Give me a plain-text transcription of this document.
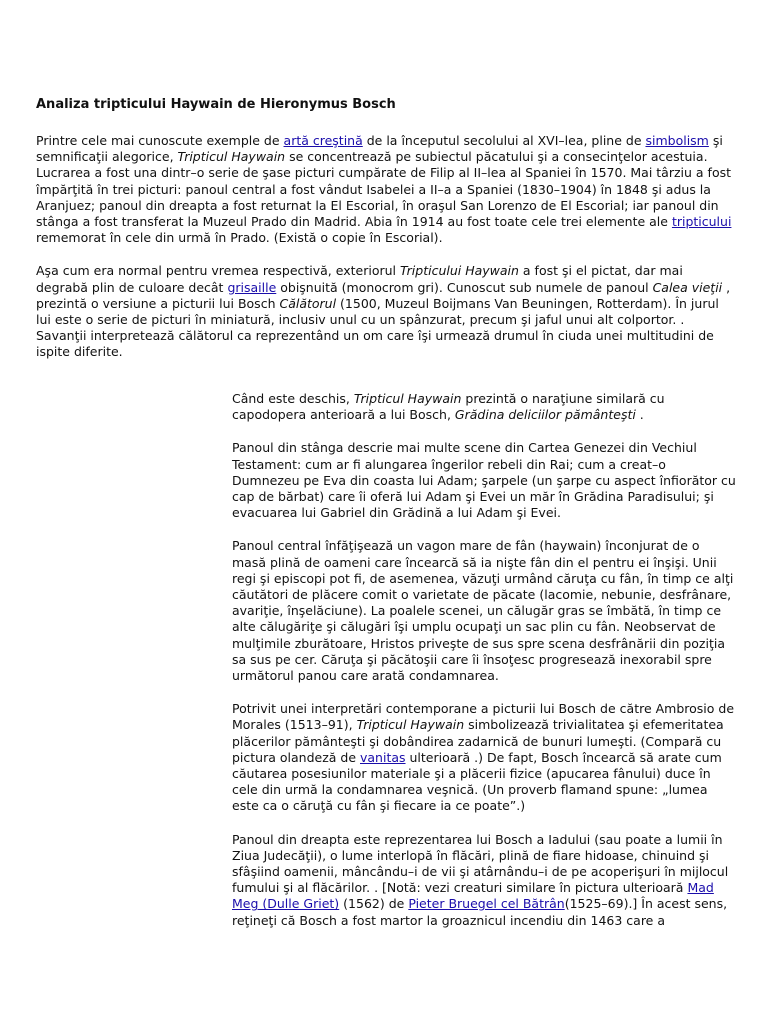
Analiza tripticului Haywain de Hieronymus Bosch

Printre cele mai cunoscute exemple de artă creştină de la începutul secolului al XVI–lea, pline de simbolism şi semnificaţii alegorice, Tripticul Haywain se concentrează pe subiectul păcatului şi a consecinţelor acestuia. Lucrarea a fost una dintr–o serie de şase picturi cumpărate de Filip al II–lea al Spaniei în 1570. Mai târziu a fost împărţită în trei picturi: panoul central a fost vândut Isabelei a II–a a Spaniei (1830–1904) în 1848 şi adus la Aranjuez; panoul din dreapta a fost returnat la El Escorial, în oraşul San Lorenzo de El Escorial; iar panoul din stânga a fost transferat la Muzeul Prado din Madrid. Abia în 1914 au fost toate cele trei elemente ale tripticului rememorat în cele din urmă în Prado. (Există o copie în Escorial).

Aşa cum era normal pentru vremea respectivă, exteriorul Tripticului Haywain a fost şi el pictat, dar mai degrabă plin de culoare decât grisaille obişnuită (monocrom gri). Cunoscut sub numele de panoul Calea vieţii , prezintă o versiune a picturii lui Bosch Călătorul (1500, Muzeul Boijmans Van Beuningen, Rotterdam). În jurul lui este o serie de picturi în miniatură, inclusiv unul cu un spânzurat, precum şi jaful unui alt colportor. . Savanţii interpretează călătorul ca reprezentând un om care îşi urmează drumul în ciuda unei multitudini de ispite diferite.

Când este deschis, Tripticul Haywain prezintă o naraţiune similară cu capodopera anterioară a lui Bosch, Grădina deliciilor pământeşti .

Panoul din stânga descrie mai multe scene din Cartea Genezei din Vechiul Testament: cum ar fi alungarea îngerilor rebeli din Rai; cum a creat–o Dumnezeu pe Eva din coasta lui Adam; şarpele (un şarpe cu aspect înfiorător cu cap de bărbat) care îi oferă lui Adam şi Evei un măr în Grădina Paradisului; şi evacuarea lui Gabriel din Grădină a lui Adam şi Evei.

Panoul central înfăţişează un vagon mare de fân (haywain) înconjurat de o masă plină de oameni care încearcă să ia nişte fân din el pentru ei înşişi. Unii regi şi episcopi pot fi, de asemenea, văzuţi urmând căruţa cu fân, în timp ce alţi căutători de plăcere comit o varietate de păcate (lacomie, nebunie, desfrânare, avariţie, înşelăciune). La poalele scenei, un călugăr gras se îmbătă, în timp ce alte călugăriţe şi călugări îşi umplu ocupaţi un sac plin cu fân. Neobservat de mulţimile zburătoare, Hristos priveşte de sus spre scena desfrânării din poziţia sa sus pe cer. Căruţa şi păcătoşii care îi însoţesc progresează inexorabil spre următorul panou care arată condamnarea.

Potrivit unei interpretări contemporane a picturii lui Bosch de către Ambrosio de Morales (1513–91), Tripticul Haywain simbolizează trivialitatea şi efemeritatea plăcerilor pământeşti şi dobândirea zadarnică de bunuri lumeşti. (Compară cu pictura olandeză de vanitas ulterioară .) De fapt, Bosch încearcă să arate cum căutarea posesiunilor materiale şi a plăcerii fizice (apucarea fânului) duce în cele din urmă la condamnarea veşnică. (Un proverb flamand spune: „lumea este ca o căruţă cu fân şi fiecare ia ce poate”.)

Panoul din dreapta este reprezentarea lui Bosch a Iadului (sau poate a lumii în Ziua Judecăţii), o lume interlopă în flăcări, plină de fiare hidoase, chinuind şi sfâşiind oamenii, mâncându–i de vii şi atârnându–i de pe acoperişuri în mijlocul fumului şi al flăcărilor. . [Notă: vezi creaturi similare în pictura ulterioară Mad Meg (Dulle Griet) (1562) de Pieter Bruegel cel Bătrân(1525–69).] În acest sens, reţineţi că Bosch a fost martor la groaznicul incendiu din 1463 care a
